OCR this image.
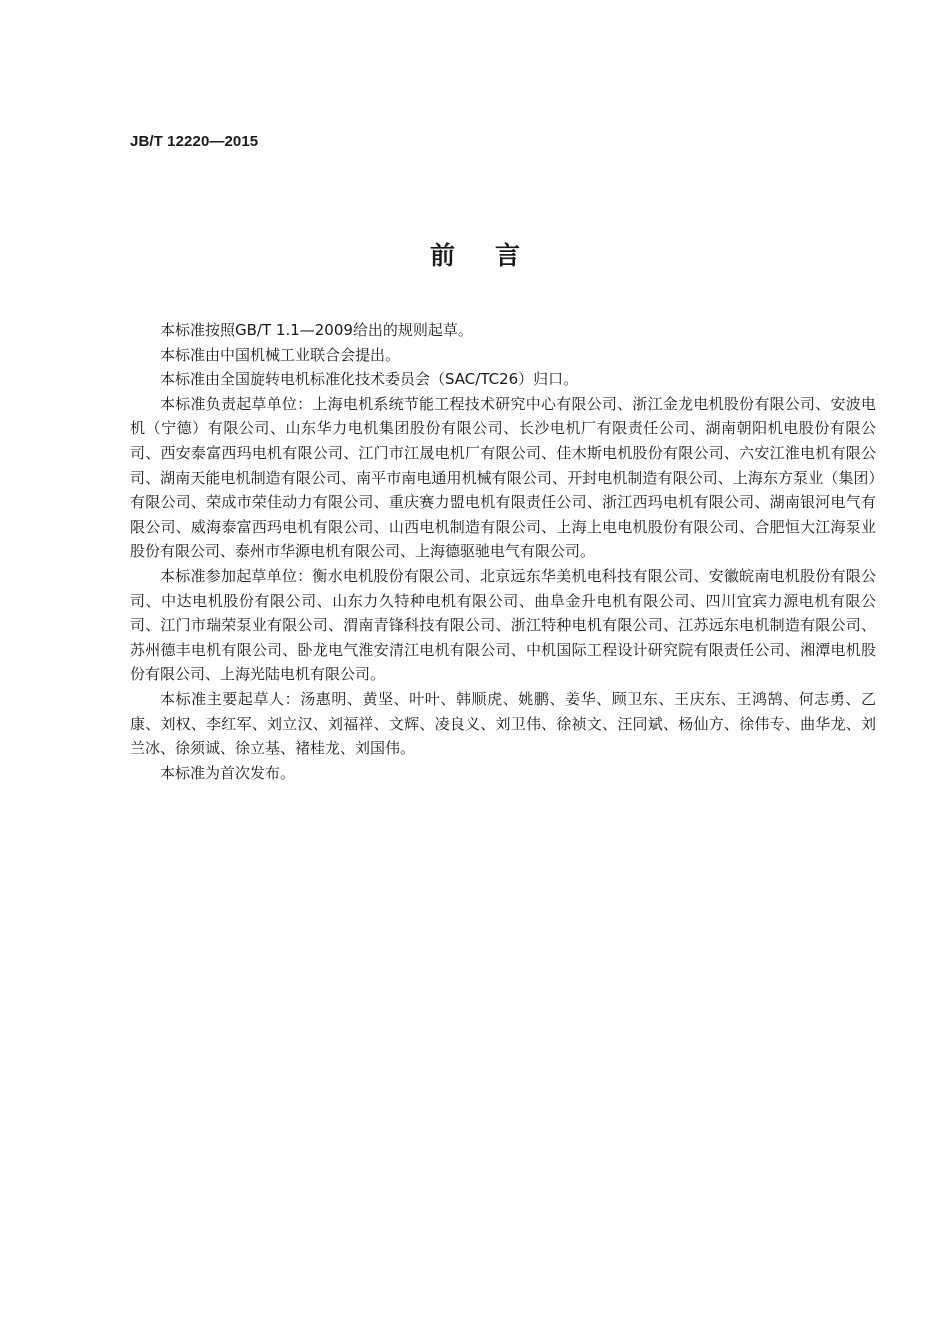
JB/T 12220—2015
前言

本标准按照GB/T 1.1—2009给出的规则起草。

本标准由中国机械工业联合会提出。

本标准由全国旋转电机标准化技术委员会（SAC/TC26）归口。

本标准负责起草单位：上海电机系统节能工程技术研究中心有限公司、浙江金龙电机股份有限公司、安波电机（宁德）有限公司、山东华力电机集团股份有限公司、长沙电机厂有限责任公司、湖南朝阳机电股份有限公司、西安泰富西玛电机有限公司、江门市江晟电机厂有限公司、佳木斯电机股份有限公司、六安江淮电机有限公司、湖南天能电机制造有限公司、南平市南电通用机械有限公司、开封电机制造有限公司、上海东方泵业（集团）有限公司、荣成市荣佳动力有限公司、重庆赛力盟电机有限责任公司、浙江西玛电机有限公司、湖南银河电气有限公司、威海泰富西玛电机有限公司、山西电机制造有限公司、上海上电电机股份有限公司、合肥恒大江海泵业股份有限公司、泰州市华源电机有限公司、上海德驱驰电气有限公司。

本标准参加起草单位：衡水电机股份有限公司、北京远东华美机电科技有限公司、安徽皖南电机股份有限公司、中达电机股份有限公司、山东力久特种电机有限公司、曲阜金升电机有限公司、四川宜宾力源电机有限公司、江门市瑞荣泵业有限公司、渭南青锋科技有限公司、浙江特种电机有限公司、江苏远东电机制造有限公司、苏州德丰电机有限公司、卧龙电气淮安清江电机有限公司、中机国际工程设计研究院有限责任公司、湘潭电机股份有限公司、上海光陆电机有限公司。

本标准主要起草人：汤惠明、黄坚、叶叶、韩顺虎、姚鹏、姜华、顾卫东、王庆东、王鸿鹄、何志勇、乙康、刘权、李红军、刘立汉、刘福祥、文辉、凌良义、刘卫伟、徐祯文、汪同斌、杨仙方、徐伟专、曲华龙、刘兰冰、徐须诚、徐立基、褚桂龙、刘国伟。

本标准为首次发布。
